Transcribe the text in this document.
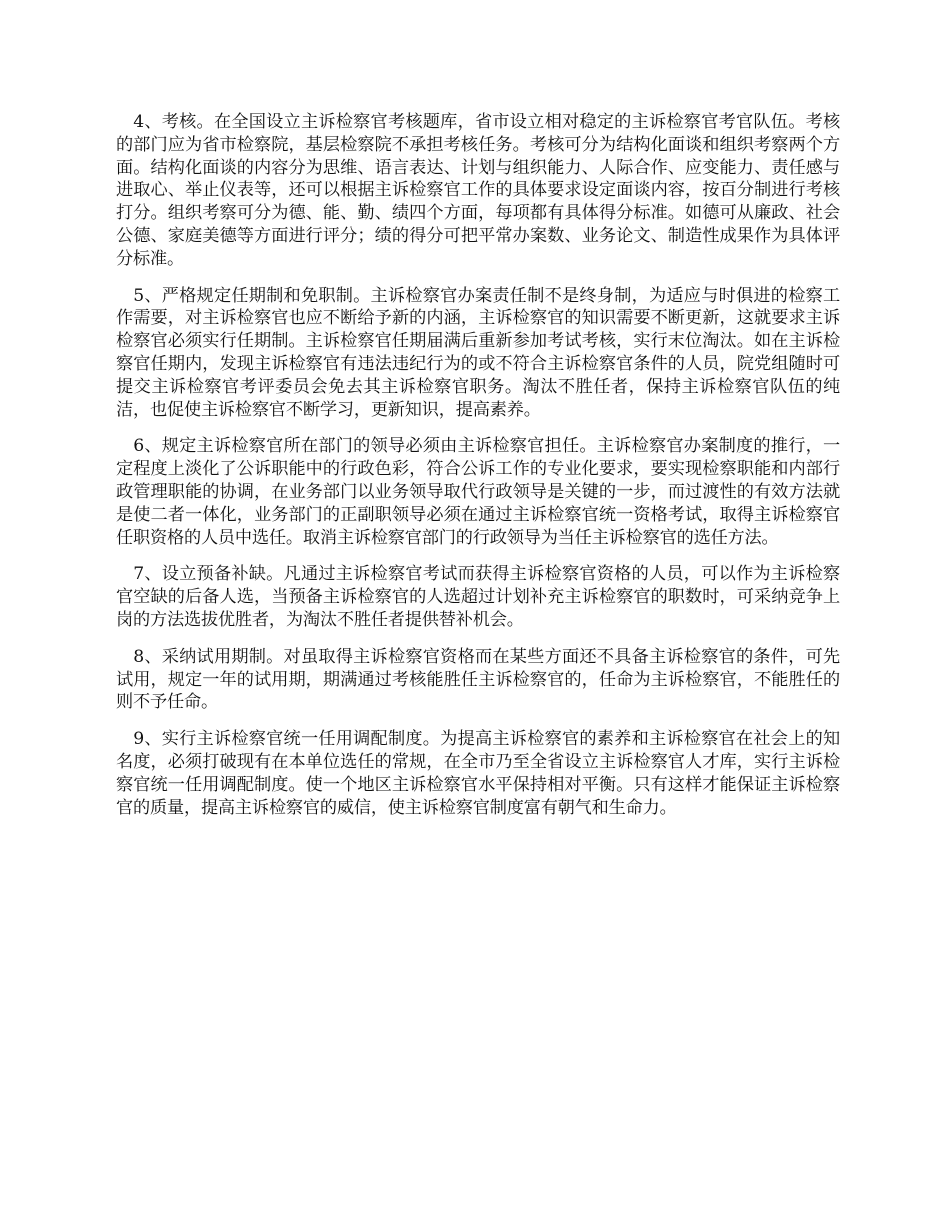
4、考核。在全国设立主诉检察官考核题库，省市设立相对稳定的主诉检察官考官队伍。考核的部门应为省市检察院，基层检察院不承担考核任务。考核可分为结构化面谈和组织考察两个方面。结构化面谈的内容分为思维、语言表达、计划与组织能力、人际合作、应变能力、责任感与进取心、举止仪表等，还可以根据主诉检察官工作的具体要求设定面谈内容，按百分制进行考核打分。组织考察可分为德、能、勤、绩四个方面，每项都有具体得分标准。如德可从廉政、社会公德、家庭美德等方面进行评分；绩的得分可把平常办案数、业务论文、制造性成果作为具体评分标准。

5、严格规定任期制和免职制。主诉检察官办案责任制不是终身制，为适应与时俱进的检察工作需要，对主诉检察官也应不断给予新的内涵，主诉检察官的知识需要不断更新，这就要求主诉检察官必须实行任期制。主诉检察官任期届满后重新参加考试考核，实行末位淘汰。如在主诉检察官任期内，发现主诉检察官有违法违纪行为的或不符合主诉检察官条件的人员，院党组随时可提交主诉检察官考评委员会免去其主诉检察官职务。淘汰不胜任者，保持主诉检察官队伍的纯洁，也促使主诉检察官不断学习，更新知识，提高素养。

6、规定主诉检察官所在部门的领导必须由主诉检察官担任。主诉检察官办案制度的推行，一定程度上淡化了公诉职能中的行政色彩，符合公诉工作的专业化要求，要实现检察职能和内部行政管理职能的协调，在业务部门以业务领导取代行政领导是关键的一步，而过渡性的有效方法就是使二者一体化，业务部门的正副职领导必须在通过主诉检察官统一资格考试，取得主诉检察官任职资格的人员中选任。取消主诉检察官部门的行政领导为当任主诉检察官的选任方法。

7、设立预备补缺。凡通过主诉检察官考试而获得主诉检察官资格的人员，可以作为主诉检察官空缺的后备人选，当预备主诉检察官的人选超过计划补充主诉检察官的职数时，可采纳竞争上岗的方法选拔优胜者，为淘汰不胜任者提供替补机会。

8、采纳试用期制。对虽取得主诉检察官资格而在某些方面还不具备主诉检察官的条件，可先试用，规定一年的试用期，期满通过考核能胜任主诉检察官的，任命为主诉检察官，不能胜任的则不予任命。

9、实行主诉检察官统一任用调配制度。为提高主诉检察官的素养和主诉检察官在社会上的知名度，必须打破现有在本单位选任的常规，在全市乃至全省设立主诉检察官人才库，实行主诉检察官统一任用调配制度。使一个地区主诉检察官水平保持相对平衡。只有这样才能保证主诉检察官的质量，提高主诉检察官的威信，使主诉检察官制度富有朝气和生命力。
